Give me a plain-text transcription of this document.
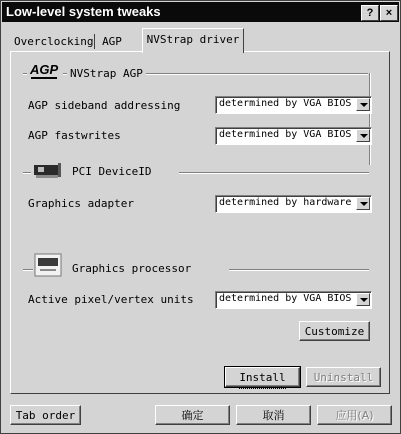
Low-level system tweaks	?	×
Overclocking AGP	NVStrap driver
AGP NVStrap AGP
AGP sideband addressing	determined by VGA BIOS
AGP fastwrites	determined by VGA BIOS
PCI DeviceID
Graphics adapter	determined by hardware
Graphics processor
Active pixel/vertex units	determined by VGA BIOS
Customize
Install	Uninstall
Tab order	确定	取消	应用(A)
